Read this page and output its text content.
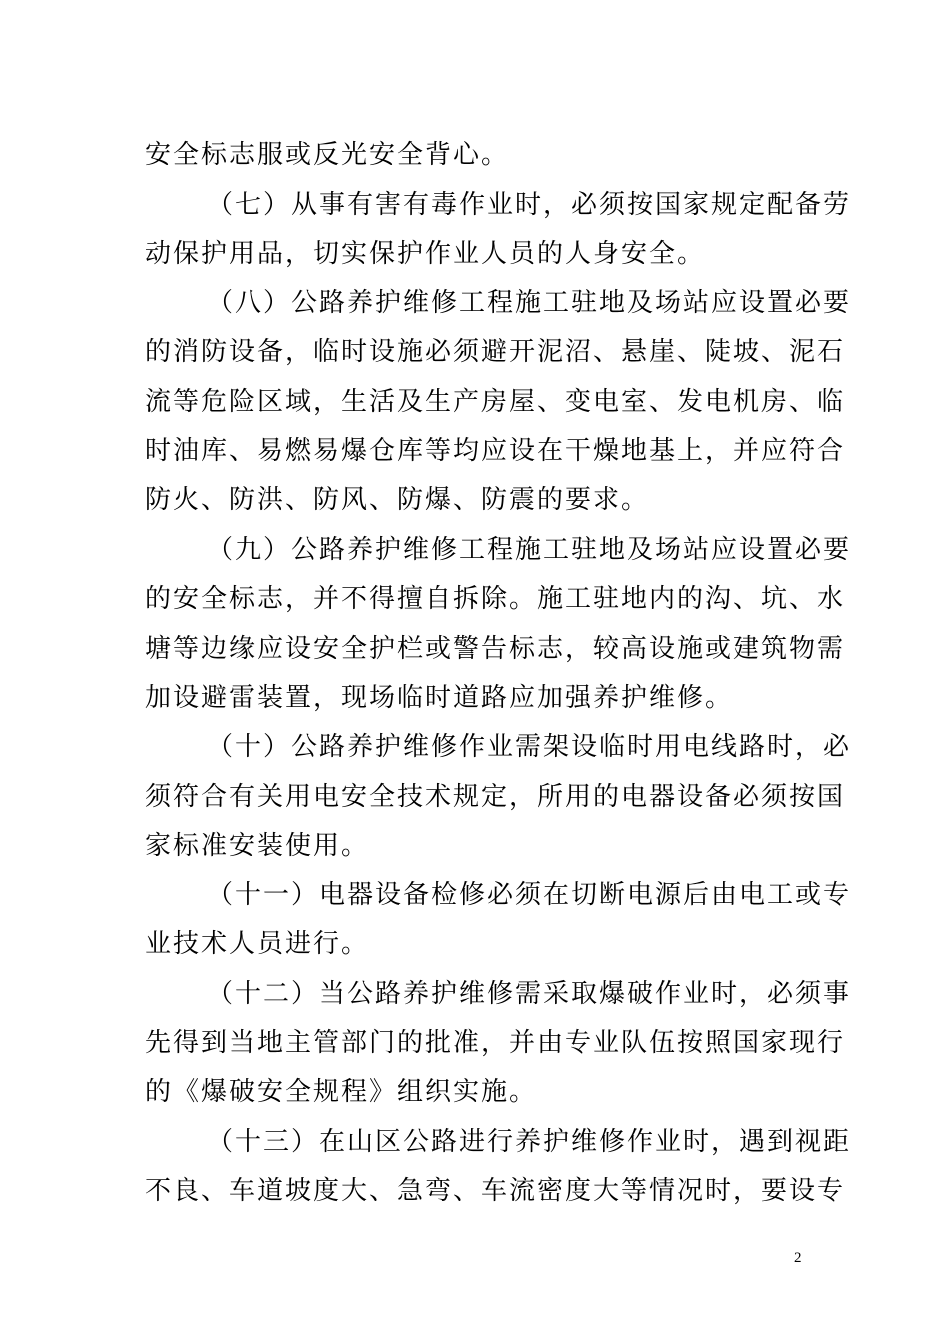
安全标志服或反光安全背心。
（七）从事有害有毒作业时，必须按国家规定配备劳
动保护用品，切实保护作业人员的人身安全。
（八）公路养护维修工程施工驻地及场站应设置必要
的消防设备，临时设施必须避开泥沼、悬崖、陡坡、泥石
流等危险区域，生活及生产房屋、变电室、发电机房、临
时油库、易燃易爆仓库等均应设在干燥地基上，并应符合
防火、防洪、防风、防爆、防震的要求。
（九）公路养护维修工程施工驻地及场站应设置必要
的安全标志，并不得擅自拆除。施工驻地内的沟、坑、水
塘等边缘应设安全护栏或警告标志，较高设施或建筑物需
加设避雷装置，现场临时道路应加强养护维修。
（十）公路养护维修作业需架设临时用电线路时，必
须符合有关用电安全技术规定，所用的电器设备必须按国
家标准安装使用。
（十一）电器设备检修必须在切断电源后由电工或专
业技术人员进行。
（十二）当公路养护维修需采取爆破作业时，必须事
先得到当地主管部门的批准，并由专业队伍按照国家现行
的《爆破安全规程》组织实施。
（十三）在山区公路进行养护维修作业时，遇到视距
不良、车道坡度大、急弯、车流密度大等情况时，要设专
2
